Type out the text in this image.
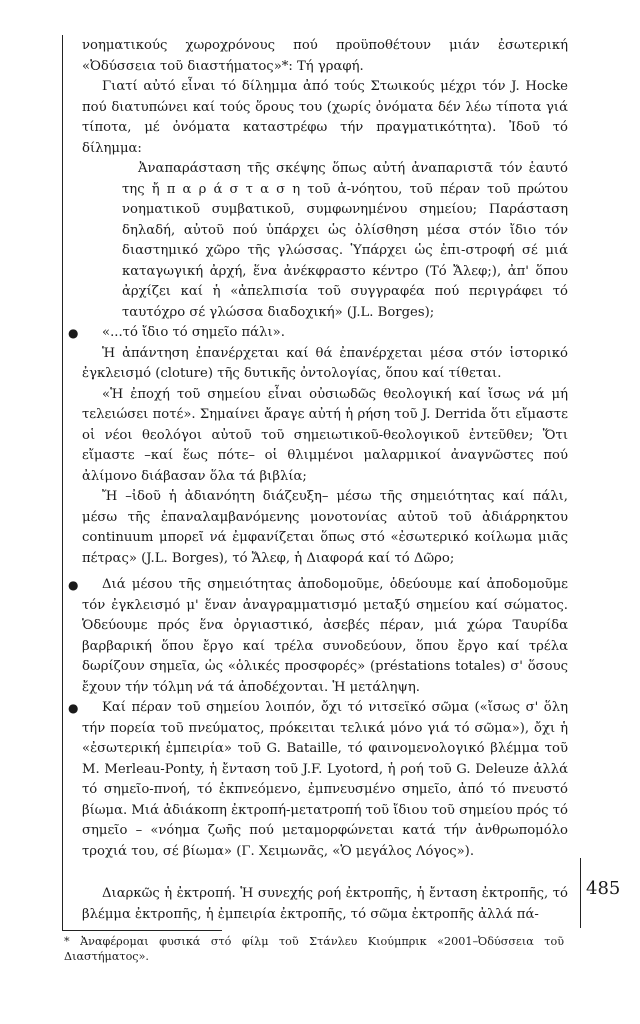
νοηματικούς χωροχρόνους πού προϋποθέτουν μιάν ἐσωτερική «Ὀδύσσεια τοῦ διαστήματος»*: Τή γραφή.

Γιατί αὐτό εἶναι τό δίλημμα ἀπό τούς Στωικούς μέχρι τόν J. Hocke πού διατυπώνει καί τούς ὅρους του (χωρίς ὀνόματα δέν λέω τίποτα γιά τίποτα, μέ ὀνόματα καταστρέφω τήν πραγματικότητα). Ἰδοῦ τό δίλημμα:

Ἀναπαράσταση τῆς σκέψης ὅπως αὐτή ἀναπαριστᾶ τόν ἑαυτό της ἤ π α ρ ά σ τ α σ η τοῦ ἀ-νόητου, τοῦ πέραν τοῦ πρώτου νοηματικοῦ συμβατικοῦ, συμφωνημένου σημείου; Παράσταση δηλαδή, αὐτοῦ πού ὑπάρχει ὡς ὀλίσθηση μέσα στόν ἴδιο τόν διαστημικό χῶρο τῆς γλώσσας. Ὑπάρχει ὡς ἐπι-στροφή σέ μιά καταγωγική ἀρχή, ἕνα ἀνέκφραστο κέντρο (Τό Ἄλεφ;), ἀπ' ὅπου ἀρχίζει καί ἡ «ἀπελπισία τοῦ συγγραφέα πού περιγράφει τό ταυτόχρο σέ γλώσσα διαδοχική» (J.L. Borges);

●	«...τό ἴδιο τό σημεῖο πάλι».

Ἡ ἀπάντηση ἐπανέρχεται καί θά ἐπανέρχεται μέσα στόν ἱστορικό ἐγκλεισμό (cloture) τῆς δυτικῆς ὀντολογίας, ὅπου καί τίθεται.

«Ἡ ἐποχή τοῦ σημείου εἶναι οὐσιωδῶς θεολογική καί ἴσως νά μή τελειώσει ποτέ». Σημαίνει ἄραγε αὐτή ἡ ρήση τοῦ J. Derrida ὅτι εἴμαστε οἱ νέοι θεολόγοι αὐτοῦ τοῦ σημειωτικοῦ-θεολογικοῦ ἐντεῦθεν; Ὅτι εἴμαστε –καί ἕως πότε– οἱ θλιμμένοι μαλαρμικοί ἀναγνῶστες πού ἀλίμονο διάβασαν ὅλα τά βιβλία;

Ἤ –ἰδοῦ ἡ ἀδιανόητη διάζευξη– μέσω τῆς σημειότητας καί πάλι, μέσω τῆς ἐπαναλαμβανόμενης μονοτονίας αὐτοῦ τοῦ ἀδιάρρηκτου continuum μπορεῖ νά ἐμφανίζεται ὅπως στό «ἐσωτερικό κοίλωμα μιᾶς πέτρας» (J.L. Borges), τό Ἄλεφ, ἡ Διαφορά καί τό Δῶρο;

●	Διά μέσου τῆς σημειότητας ἀποδομοῦμε, ὁδεύουμε καί ἀποδομοῦμε τόν ἐγκλεισμό μ' ἕναν ἀναγραμματισμό μεταξύ σημείου καί σώματος. Ὁδεύουμε πρός ἕνα ὀργιαστικό, ἀσεβές πέραν, μιά χώρα Ταυρίδα βαρβαρική ὅπου ἔργο καί τρέλα συνοδεύουν, ὅπου ἔργο καί τρέλα δωρίζουν σημεῖα, ὡς «ὁλικές προσφορές» (préstations totales) σ' ὅσους ἔχουν τήν τόλμη νά τά ἀποδέχονται. Ἡ μετάληψη.

●	Καί πέραν τοῦ σημείου λοιπόν, ὄχι τό νιτσεϊκό σῶμα («ἴσως σ' ὅλη τήν πορεία τοῦ πνεύματος, πρόκειται τελικά μόνο γιά τό σῶμα»), ὄχι ἡ «ἐσωτερική ἐμπειρία» τοῦ G. Bataille, τό φαινομενολογικό βλέμμα τοῦ M. Merleau-Ponty, ἡ ἔνταση τοῦ J.F. Lyotord, ἡ ροή τοῦ G. Deleuze ἀλλά τό σημεῖο-πνοή, τό ἐκπνεόμενο, ἐμπνευσμένο σημεῖο, ἀπό τό πνευστό βίωμα. Μιά ἀδιάκοπη ἐκτροπή-μετατροπή τοῦ ἴδιου τοῦ σημείου πρός τό σημεῖο – «νόημα ζωῆς πού μεταμορφώνεται κατά τήν ἀνθρωπομόλο τροχιά του, σέ βίωμα» (Γ. Χειμωνᾶς, «Ὁ μεγάλος Λόγος»).

Διαρκῶς ἡ ἐκτροπή. Ἡ συνεχής ροή ἐκτροπῆς, ἡ ἔνταση ἐκτροπῆς, τό βλέμμα ἐκτροπῆς, ἡ ἐμπειρία ἐκτροπῆς, τό σῶμα ἐκτροπῆς ἀλλά πά-

485
* Ἀναφέρομαι φυσικά στό φίλμ τοῦ Στάνλευ Κιούμπρικ «2001–Ὀδύσσεια τοῦ Διαστήματος».
